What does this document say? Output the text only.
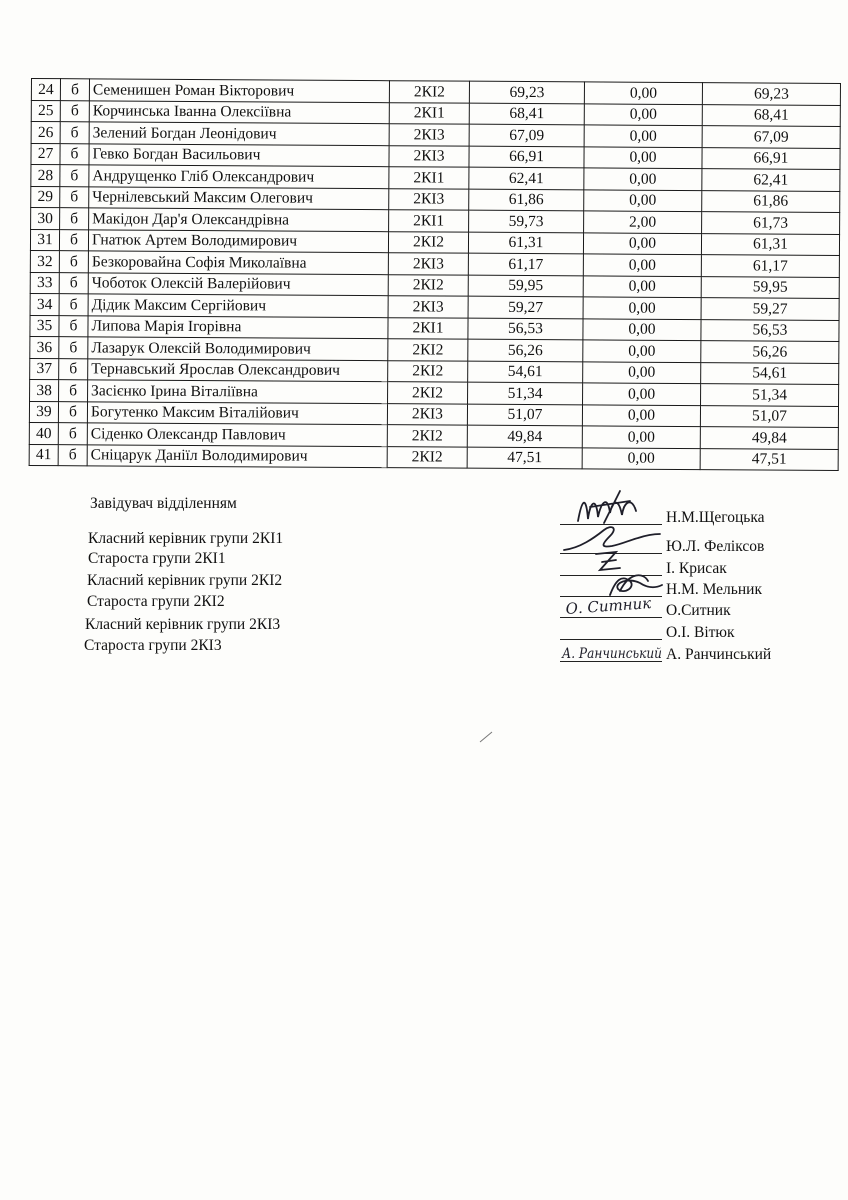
24	б	Семенишен Роман Вікторович	2КІ2	69,23	0,00	69,23
25	б	Корчинська Іванна Олексіївна	2КІ1	68,41	0,00	68,41
26	б	Зелений Богдан Леонідович	2КІ3	67,09	0,00	67,09
27	б	Гевко Богдан Васильович	2КІ3	66,91	0,00	66,91
28	б	Андрущенко Гліб Олександрович	2КІ1	62,41	0,00	62,41
29	б	Чернілевський Максим Олегович	2КІ3	61,86	0,00	61,86
30	б	Макідон Дар'я Олександрівна	2КІ1	59,73	2,00	61,73
31	б	Гнатюк Артем Володимирович	2КІ2	61,31	0,00	61,31
32	б	Безкоровайна Софія Миколаївна	2КІ3	61,17	0,00	61,17
33	б	Чоботок Олексій Валерійович	2КІ2	59,95	0,00	59,95
34	б	Дідик Максим Сергійович	2КІ3	59,27	0,00	59,27
35	б	Липова Марія Ігорівна	2КІ1	56,53	0,00	56,53
36	б	Лазарук Олексій Володимирович	2КІ2	56,26	0,00	56,26
37	б	Тернавський Ярослав Олександрович	2КІ2	54,61	0,00	54,61
38	б	Засієнко Ірина Віталіївна	2КІ2	51,34	0,00	51,34
39	б	Богутенко Максим Віталійович	2КІ3	51,07	0,00	51,07
40	б	Сіденко Олександр Павлович	2КІ2	49,84	0,00	49,84
41	б	Сніцарук Даніїл Володимирович	2КІ2	47,51	0,00	47,51
Завідувач відділенням
Класний керівник групи 2КІ1
Староста групи 2КІ1
Класний керівник групи 2КІ2
Староста групи 2КІ2
Класний керівник групи 2КІ3
Староста групи 2КІ3
Н.М.Щегоцька
Ю.Л. Феліксов
І. Крисак
Н.М. Мельник
О. Ситник О.Ситник
О.І. Вітюк
А. Ранчинський А. Ранчинський
